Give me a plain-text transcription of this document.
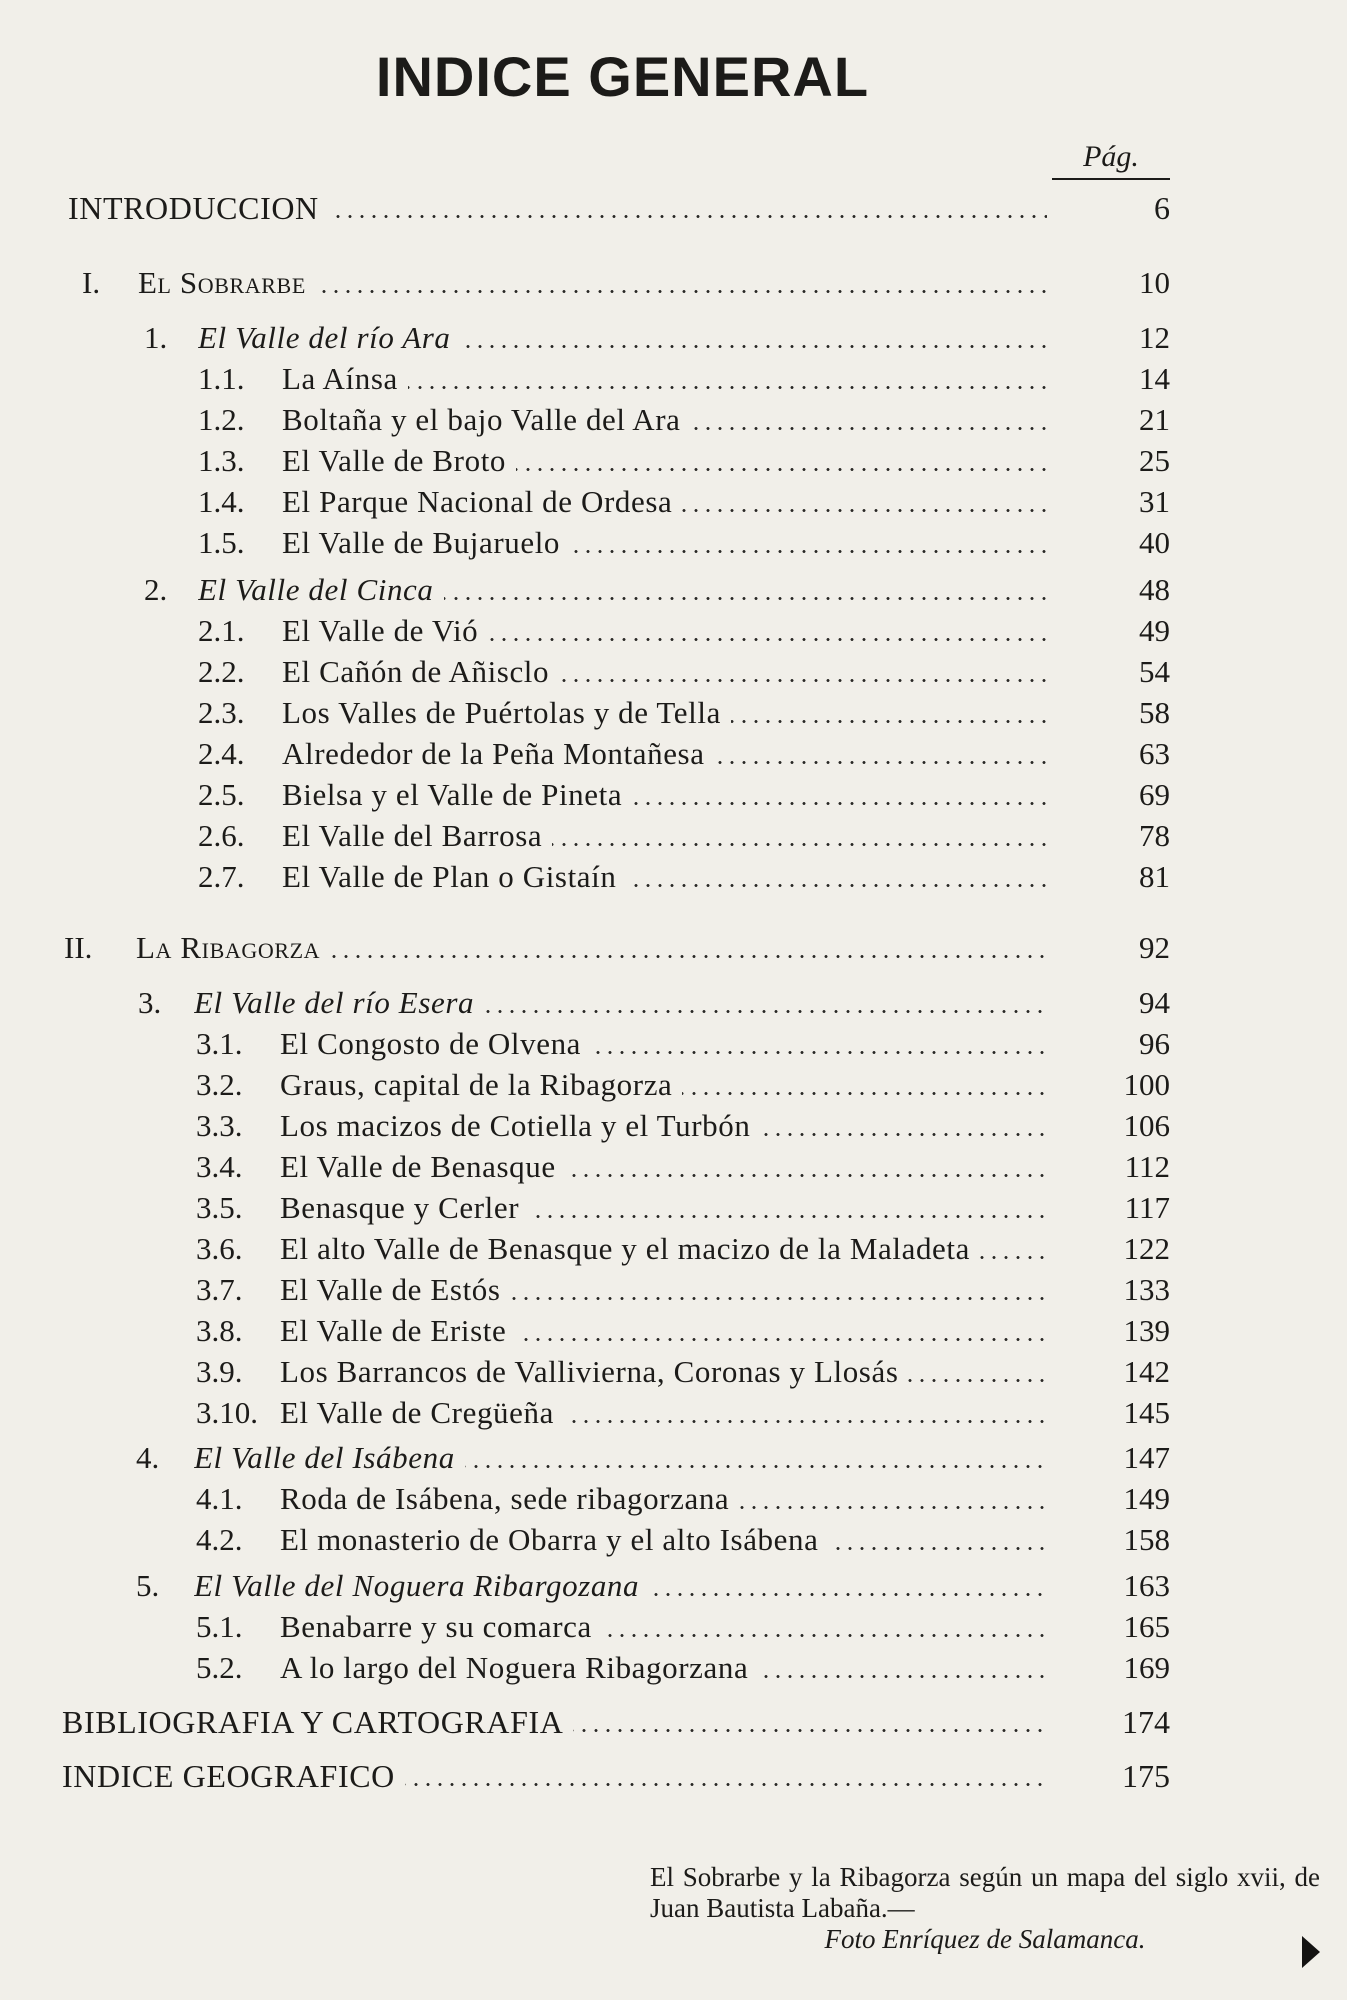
INDICE GENERAL
Pág.
INTRODUCCION	6
I. El Sobrarbe	10
1. El Valle del río Ara	12
1.1. La Aínsa	14
1.2. Boltaña y el bajo Valle del Ara	21
1.3. El Valle de Broto	25
1.4. El Parque Nacional de Ordesa	31
1.5. El Valle de Bujaruelo	40
2. El Valle del Cinca	48
2.1. El Valle de Vió	49
2.2. El Cañón de Añisclo	54
2.3. Los Valles de Puértolas y de Tella	58
2.4. Alrededor de la Peña Montañesa	63
2.5. Bielsa y el Valle de Pineta	69
2.6. El Valle del Barrosa	78
2.7. El Valle de Plan o Gistaín	81
II. La Ribagorza	92
3. El Valle del río Esera	94
3.1. El Congosto de Olvena	96
3.2. Graus, capital de la Ribagorza	100
3.3. Los macizos de Cotiella y el Turbón	106
3.4. El Valle de Benasque	112
3.5. Benasque y Cerler	117
3.6. El alto Valle de Benasque y el macizo de la Maladeta	122
3.7. El Valle de Estós	133
3.8. El Valle de Eriste	139
3.9. Los Barrancos de Vallivierna, Coronas y Llosás	142
3.10. El Valle de Cregüeña	145
4. El Valle del Isábena	147
4.1. Roda de Isábena, sede ribagorzana	149
4.2. El monasterio de Obarra y el alto Isábena	158
5. El Valle del Noguera Ribargozana	163
5.1. Benabarre y su comarca	165
5.2. A lo largo del Noguera Ribagorzana	169
BIBLIOGRAFIA Y CARTOGRAFIA	174
INDICE GEOGRAFICO	175
El Sobrarbe y la Ribagorza según un mapa del siglo xvii, de Juan Bautista Labaña.—
Foto Enríquez de Salamanca.
